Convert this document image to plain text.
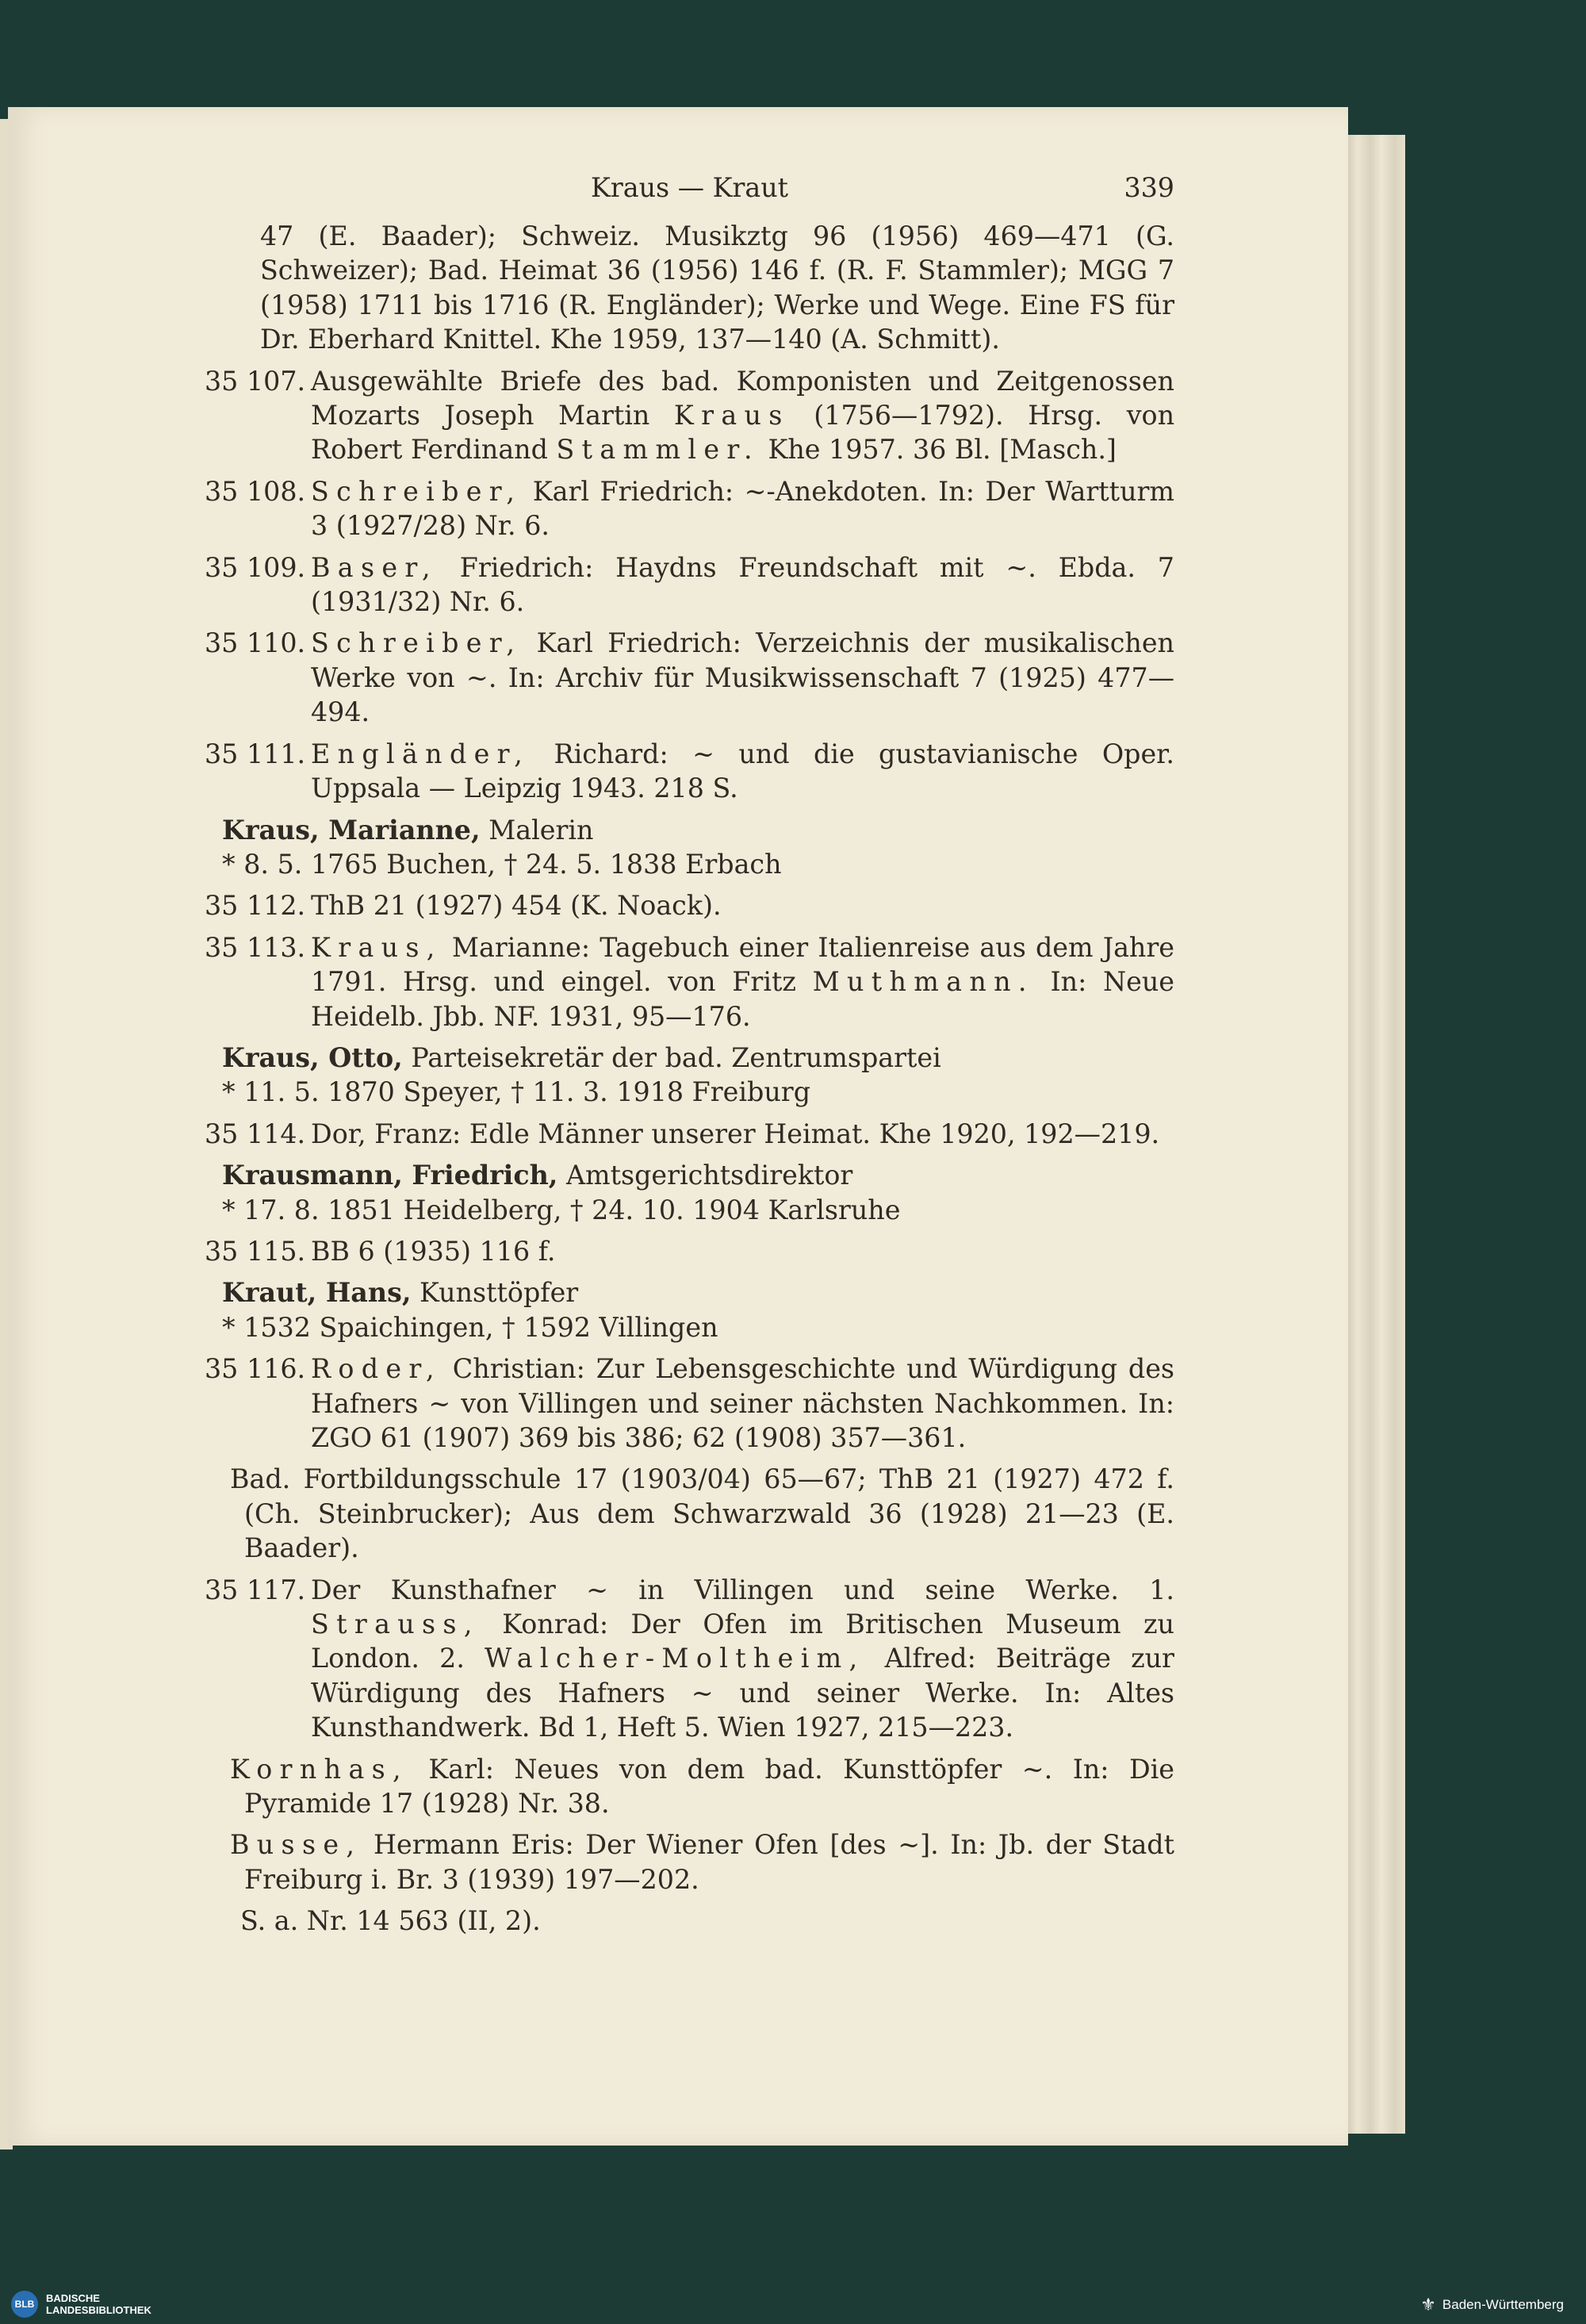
Kraus — Kraut	339
47 (E. Baader); Schweiz. Musikztg 96 (1956) 469—471 (G. Schweizer); Bad. Heimat 36 (1956) 146 f. (R. F. Stammler); MGG 7 (1958) 1711 bis 1716 (R. Engländer); Werke und Wege. Eine FS für Dr. Eberhard Knittel. Khe 1959, 137—140 (A. Schmitt).
35 107. Ausgewählte Briefe des bad. Komponisten und Zeitgenossen Mozarts Joseph Martin Kraus (1756—1792). Hrsg. von Robert Ferdinand Stammler. Khe 1957. 36 Bl. [Masch.]
35 108. Schreiber, Karl Friedrich: ~-Anekdoten. In: Der Wartturm 3 (1927/28) Nr. 6.
35 109. Baser, Friedrich: Haydns Freundschaft mit ~. Ebda. 7 (1931/32) Nr. 6.
35 110. Schreiber, Karl Friedrich: Verzeichnis der musikalischen Werke von ~. In: Archiv für Musikwissenschaft 7 (1925) 477—494.
35 111. Engländer, Richard: ~ und die gustavianische Oper. Uppsala — Leipzig 1943. 218 S.
Kraus, Marianne, Malerin
* 8. 5. 1765 Buchen, † 24. 5. 1838 Erbach
35 112. ThB 21 (1927) 454 (K. Noack).
35 113. Kraus, Marianne: Tagebuch einer Italienreise aus dem Jahre 1791. Hrsg. und eingel. von Fritz Muthmann. In: Neue Heidelb. Jbb. NF. 1931, 95—176.
Kraus, Otto, Parteisekretär der bad. Zentrumspartei
* 11. 5. 1870 Speyer, † 11. 3. 1918 Freiburg
35 114. Dor, Franz: Edle Männer unserer Heimat. Khe 1920, 192—219.
Krausmann, Friedrich, Amtsgerichtsdirektor
* 17. 8. 1851 Heidelberg, † 24. 10. 1904 Karlsruhe
35 115. BB 6 (1935) 116 f.
Kraut, Hans, Kunsttöpfer
* 1532 Spaichingen, † 1592 Villingen
35 116. Roder, Christian: Zur Lebensgeschichte und Würdigung des Hafners ~ von Villingen und seiner nächsten Nachkommen. In: ZGO 61 (1907) 369 bis 386; 62 (1908) 357—361.
Bad. Fortbildungsschule 17 (1903/04) 65—67; ThB 21 (1927) 472 f. (Ch. Steinbrucker); Aus dem Schwarzwald 36 (1928) 21—23 (E. Baader).
35 117. Der Kunsthafner ~ in Villingen und seine Werke. 1. Strauss, Konrad: Der Ofen im Britischen Museum zu London. 2. Walcher-Moltheim, Alfred: Beiträge zur Würdigung des Hafners ~ und seiner Werke. In: Altes Kunsthandwerk. Bd 1, Heft 5. Wien 1927, 215—223.
Kornhas, Karl: Neues von dem bad. Kunsttöpfer ~. In: Die Pyramide 17 (1928) Nr. 38.
Busse, Hermann Eris: Der Wiener Ofen [des ~]. In: Jb. der Stadt Freiburg i. Br. 3 (1939) 197—202.
S. a. Nr. 14 563 (II, 2).
BLB	BADISCHE
LANDESBIBLIOTHEK	⚜ Baden-Württemberg
